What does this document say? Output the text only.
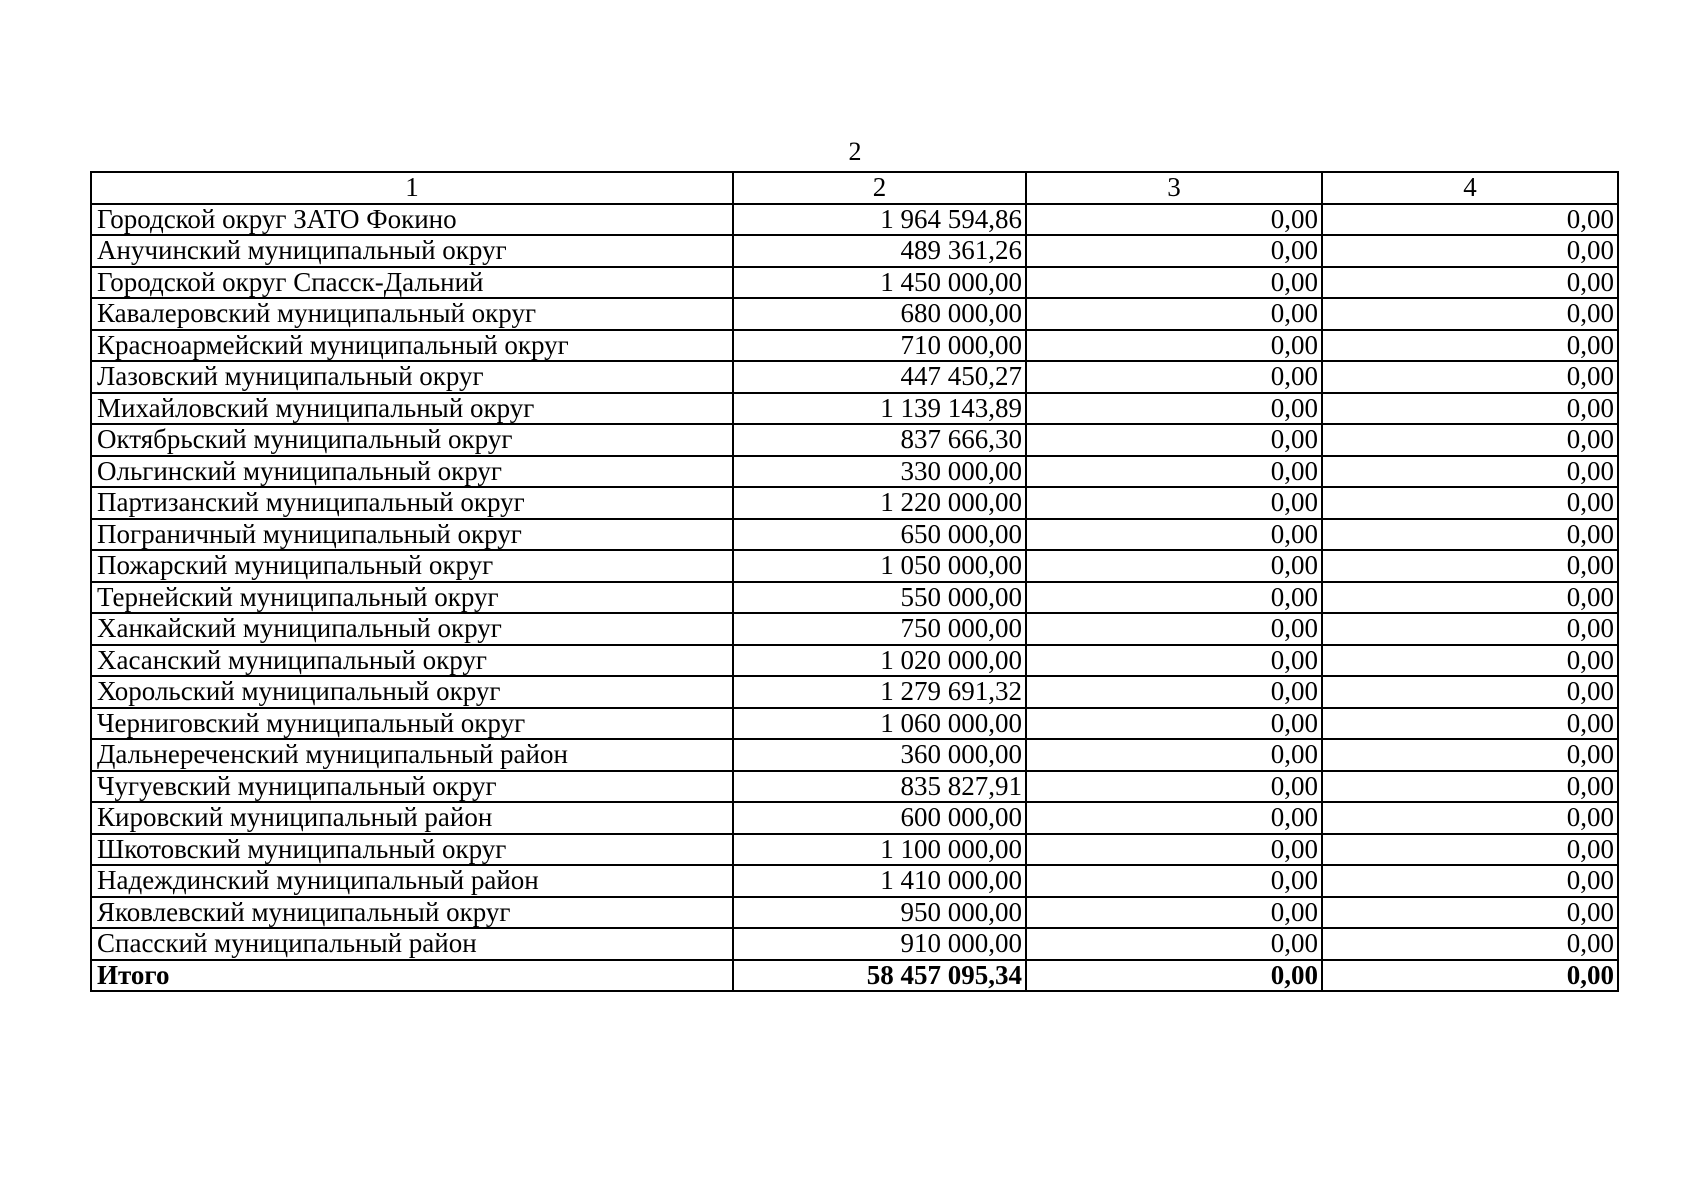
2
1	2	3	4
Городской округ ЗАТО Фокино	1 964 594,86	0,00	0,00
Анучинский муниципальный округ	489 361,26	0,00	0,00
Городской округ Спасск-Дальний	1 450 000,00	0,00	0,00
Кавалеровский муниципальный округ	680 000,00	0,00	0,00
Красноармейский муниципальный округ	710 000,00	0,00	0,00
Лазовский муниципальный округ	447 450,27	0,00	0,00
Михайловский муниципальный округ	1 139 143,89	0,00	0,00
Октябрьский муниципальный округ	837 666,30	0,00	0,00
Ольгинский муниципальный округ	330 000,00	0,00	0,00
Партизанский муниципальный округ	1 220 000,00	0,00	0,00
Пограничный муниципальный округ	650 000,00	0,00	0,00
Пожарский муниципальный округ	1 050 000,00	0,00	0,00
Тернейский муниципальный округ	550 000,00	0,00	0,00
Ханкайский муниципальный округ	750 000,00	0,00	0,00
Хасанский муниципальный округ	1 020 000,00	0,00	0,00
Хорольский муниципальный округ	1 279 691,32	0,00	0,00
Черниговский муниципальный округ	1 060 000,00	0,00	0,00
Дальнереченский муниципальный район	360 000,00	0,00	0,00
Чугуевский муниципальный округ	835 827,91	0,00	0,00
Кировский муниципальный район	600 000,00	0,00	0,00
Шкотовский муниципальный округ	1 100 000,00	0,00	0,00
Надеждинский муниципальный район	1 410 000,00	0,00	0,00
Яковлевский муниципальный округ	950 000,00	0,00	0,00
Спасский муниципальный район	910 000,00	0,00	0,00
Итого	58 457 095,34	0,00	0,00
